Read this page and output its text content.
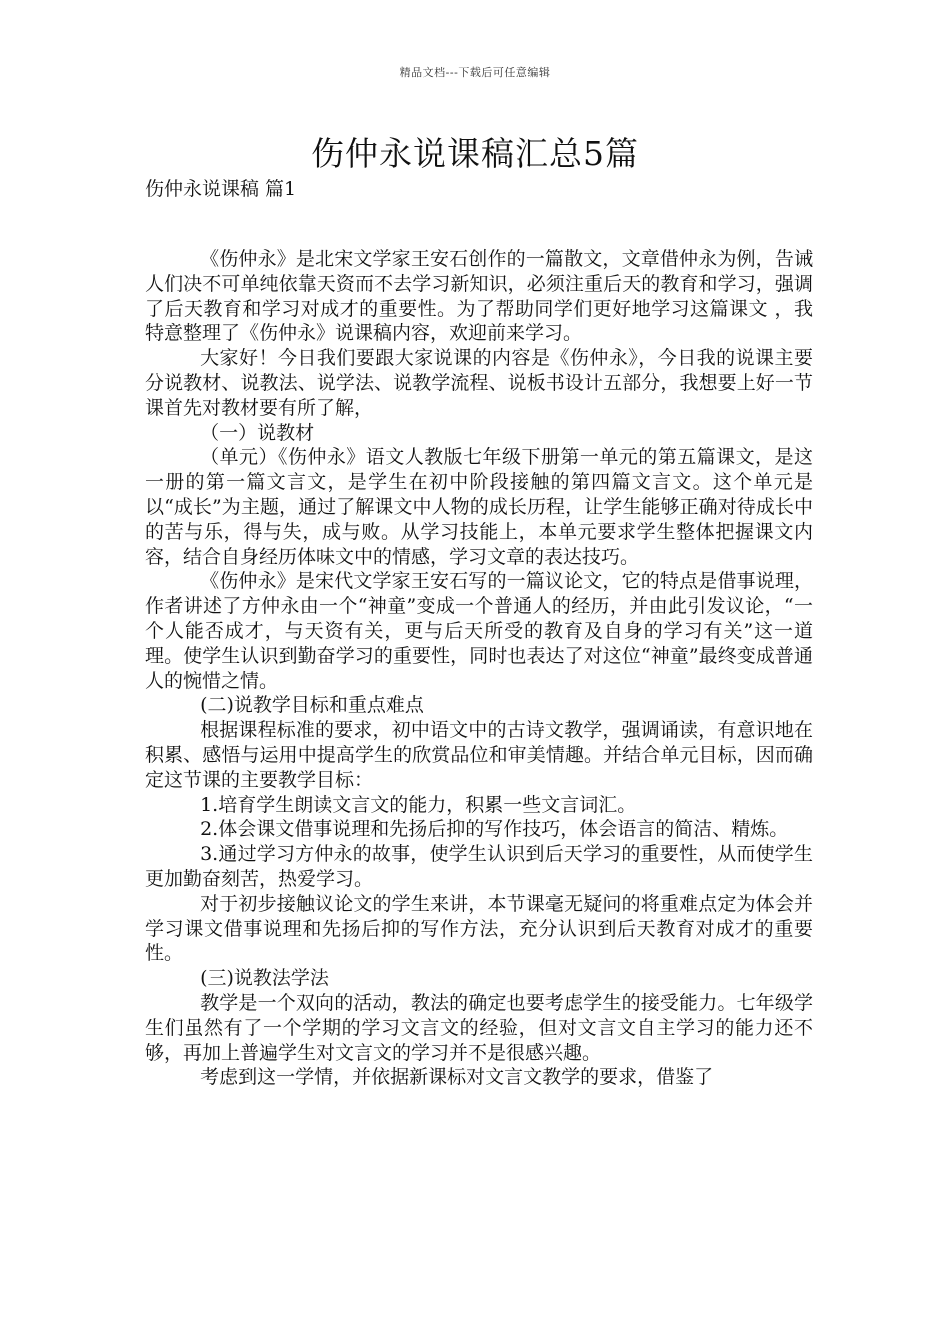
精品文档---下载后可任意编辑
伤仲永说课稿汇总5篇
伤仲永说课稿 篇1

《伤仲永》是北宋文学家王安石创作的一篇散文，文章借仲永为例，告诫人们决不可单纯依靠天资而不去学习新知识，必须注重后天的教育和学习，强调了后天教育和学习对成才的重要性。为了帮助同学们更好地学习这篇课文 ，我特意整理了《伤仲永》说课稿内容，欢迎前来学习。

大家好！今日我们要跟大家说课的内容是《伤仲永》，今日我的说课主要分说教材、说教法、说学法、说教学流程、说板书设计五部分，我想要上好一节课首先对教材要有所了解，

（一）说教材

（单元）《伤仲永》语文人教版七年级下册第一单元的第五篇课文，是这一册的第一篇文言文，是学生在初中阶段接触的第四篇文言文。这个单元是以“成长”为主题，通过了解课文中人物的成长历程，让学生能够正确对待成长中的苦与乐，得与失，成与败。从学习技能上，本单元要求学生整体把握课文内容，结合自身经历体味文中的情感，学习文章的表达技巧。

《伤仲永》是宋代文学家王安石写的一篇议论文，它的特点是借事说理，作者讲述了方仲永由一个“神童”变成一个普通人的经历，并由此引发议论，“一个人能否成才，与天资有关，更与后天所受的教育及自身的学习有关”这一道理。使学生认识到勤奋学习的重要性，同时也表达了对这位“神童”最终变成普通人的惋惜之情。

(二)说教学目标和重点难点

根据课程标准的要求，初中语文中的古诗文教学，强调诵读，有意识地在积累、感悟与运用中提高学生的欣赏品位和审美情趣。并结合单元目标，因而确定这节课的主要教学目标：

1.培育学生朗读文言文的能力，积累一些文言词汇。

2.体会课文借事说理和先扬后抑的写作技巧，体会语言的简洁、精炼。

3.通过学习方仲永的故事，使学生认识到后天学习的重要性，从而使学生更加勤奋刻苦，热爱学习。

对于初步接触议论文的学生来讲，本节课毫无疑问的将重难点定为体会并学习课文借事说理和先扬后抑的写作方法，充分认识到后天教育对成才的重要性。

(三)说教法学法

教学是一个双向的活动，教法的确定也要考虑学生的接受能力。七年级学生们虽然有了一个学期的学习文言文的经验，但对文言文自主学习的能力还不够，再加上普遍学生对文言文的学习并不是很感兴趣。

考虑到这一学情，并依据新课标对文言文教学的要求，借鉴了
